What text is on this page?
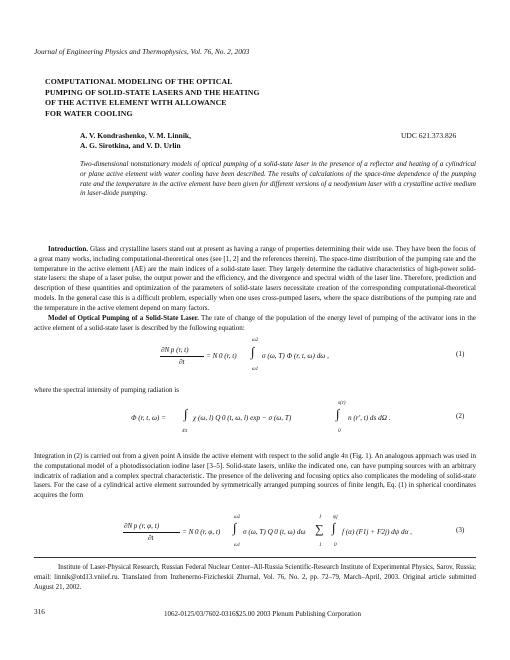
Journal of Engineering Physics and Thermophysics, Vol. 76, No. 2, 2003
COMPUTATIONAL MODELING OF THE OPTICAL
PUMPING OF SOLID-STATE LASERS AND THE HEATING
OF THE ACTIVE ELEMENT WITH ALLOWANCE
FOR WATER COOLING
A. V. Kondrashenko, V. M. Linnik,
A. G. Sirotkina, and V. D. Urlin
UDC 621.373.826
Two-dimensional nonstationary models of optical pumping of a solid-state laser in the presence of a reflector and heating of a cylindrical or plane active element with water cooling have been described. The results of calculations of the space-time dependence of the pumping rate and the temperature in the active element have been given for different versions of a neodymium laser with a crystalline active medium in laser-diode pumping.
Introduction. Glass and crystalline lasers stand out at present as having a range of properties determining their wide use. They have been the focus of a great many works, including computational-theoretical ones (see [1, 2] and the references therein). The space-time distribution of the pumping rate and the temperature in the active element (AE) are the main indices of a solid-state laser. They largely determine the radiative characteristics of high-power solid-state lasers: the shape of a laser pulse, the output power and the efficiency, and the divergence and spectral width of the laser line. Therefore, prediction and description of these quantities and optimization of the parameters of solid-state lasers necessitate creation of the corresponding computational-theoretical models. In the general case this is a difficult problem, especially when one uses cross-pumped lasers, where the space distributions of the pumping rate and the temperature in the active element depend on many factors.
Model of Optical Pumping of a Solid-State Laser. The rate of change of the population of the energy level of pumping of the activator ions in the active element of a solid-state laser is described by the following equation:
∂N p (r, t)
∂t
= N 0 (r, t)
ω2
∫
ω1
σ (ω, T) Φ (r, t, ω) dω ,	(1)
where the spectral intensity of pumping radiation is
Φ (r, t, ω) = ∫
4π
χ (ω, l) Q 0 (t, ω, l) exp − σ (ω, T)
s(r)
∫
0
n (r′, t) ds dΩ .	(2)
Integration in (2) is carried out from a given point A inside the active element with respect to the solid angle 4π (Fig. 1). An analogous approach was used in the computational model of a photodissociation iodine laser [3–5]. Solid-state lasers, unlike the indicated one, can have pumping sources with an arbitrary indicatrix of radiation and a complex spectral characteristic. The presence of the delivering and focusing optics also complicates the modeling of solid-state lasers. For the case of a cylindrical active element surrounded by symmetrically arranged pumping sources of finite length, Eq. (1) in spherical coordinates acquires the form
∂N p (r, φ, t)
∂t
= N 0 (r, φ, t)
ω2
∫
ω1
σ (ω, T) Q 0 (t, ω) dω
J
∑
1
ψj
∫
0
f (α) (F1j + F2j) dψ dα ,	(3)
Institute of Laser-Physical Research, Russian Federal Nuclear Center–All-Russia Scientific-Research Institute of Experimental Physics, Sarov, Russia; email: linnik@otd13.vniief.ru. Translated from Inzhenerno-Fizicheskii Zhurnal, Vol. 76, No. 2, pp. 72–79, March–April, 2003. Original article submitted August 21, 2002.
316	1062-0125/03/7602-0316$25.00 2003 Plenum Publishing Corporation
